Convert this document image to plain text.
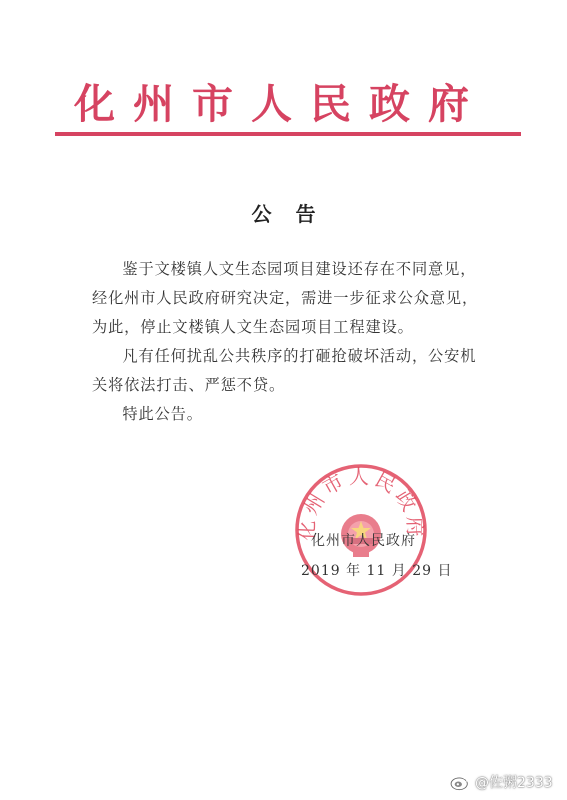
化州市人民政府
公告

鉴于文楼镇人文生态园项目建设还存在不同意见，经化州市人民政府研究决定，需进一步征求公众意见，为此，停止文楼镇人文生态园项目工程建设。

凡有任何扰乱公共秩序的打砸抢破坏活动，公安机关将依法打击、严惩不贷。

特此公告。

化州市人民政府
化州市人民政府
2019 年 11 月 29 日
@佐粥2333
